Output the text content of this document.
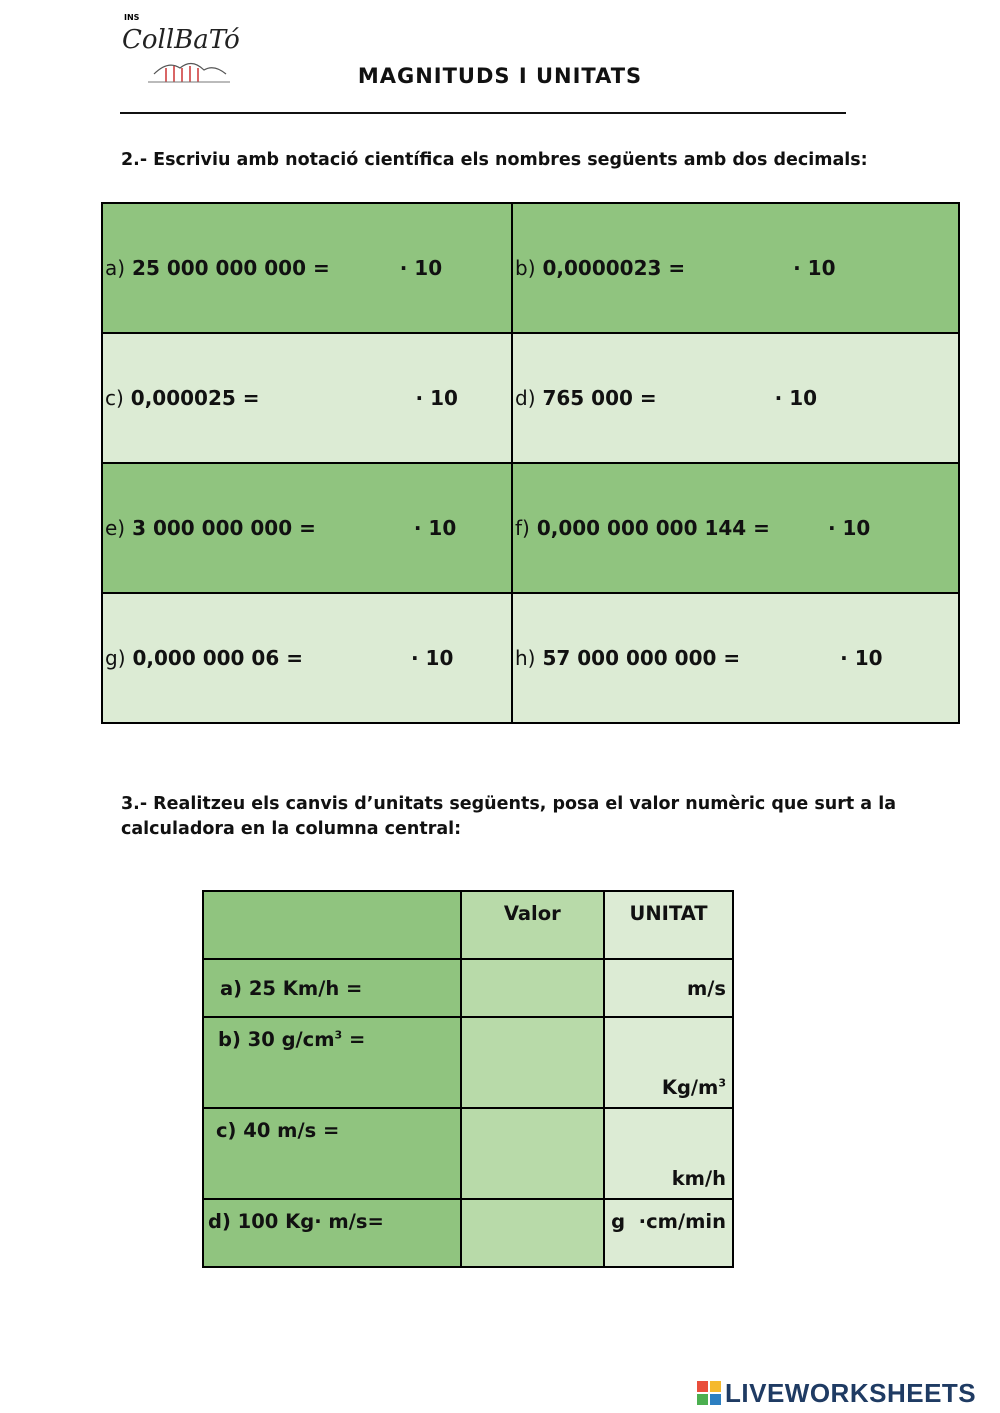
INS
CollBaTó
MAGNITUDS I UNITATS
2.- Escriviu amb notació científica els nombres següents amb dos decimals:
a) 25 000 000 000 = · 10	b) 0,0000023 = · 10
c) 0,000025 = · 10	d) 765 000 = · 10
e) 3 000 000 000 = · 10	f) 0,000 000 000 144 = · 10
g) 0,000 000 06 = · 10	h) 57 000 000 000 = · 10
3.- Realitzeu els canvis d’unitats següents, posa el valor numèric que surt a la calculadora en la columna central:
	Valor	UNITAT
a) 25 Km/h =		m/s
b) 30 $g/cm^3$ =		$Kg/m^3$
c) 40 m/s =		km/h
d) 100 Kg· m/s=		g  ·cm/min
LIVEWORKSHEETS
